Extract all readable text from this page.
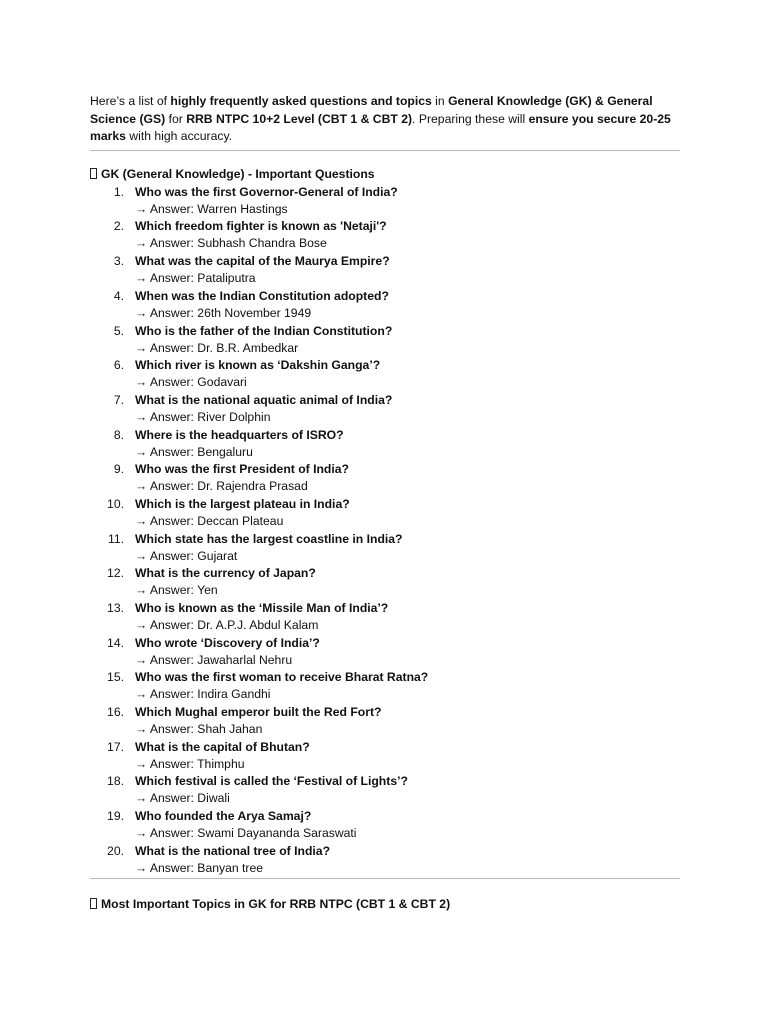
Here’s a list of highly frequently asked questions and topics in General Knowledge (GK) & General Science (GS) for RRB NTPC 10+2 Level (CBT 1 & CBT 2). Preparing these will ensure you secure 20-25 marks with high accuracy.

GK (General Knowledge) - Important Questions
1. Who was the first Governor-General of India?
→ Answer: Warren Hastings
2. Which freedom fighter is known as 'Netaji'?
→ Answer: Subhash Chandra Bose
3. What was the capital of the Maurya Empire?
→ Answer: Pataliputra
4. When was the Indian Constitution adopted?
→ Answer: 26th November 1949
5. Who is the father of the Indian Constitution?
→ Answer: Dr. B.R. Ambedkar
6. Which river is known as ‘Dakshin Ganga’?
→ Answer: Godavari
7. What is the national aquatic animal of India?
→ Answer: River Dolphin
8. Where is the headquarters of ISRO?
→ Answer: Bengaluru
9. Who was the first President of India?
→ Answer: Dr. Rajendra Prasad
10. Which is the largest plateau in India?
→ Answer: Deccan Plateau
11. Which state has the largest coastline in India?
→ Answer: Gujarat
12. What is the currency of Japan?
→ Answer: Yen
13. Who is known as the ‘Missile Man of India’?
→ Answer: Dr. A.P.J. Abdul Kalam
14. Who wrote ‘Discovery of India’?
→ Answer: Jawaharlal Nehru
15. Who was the first woman to receive Bharat Ratna?
→ Answer: Indira Gandhi
16. Which Mughal emperor built the Red Fort?
→ Answer: Shah Jahan
17. What is the capital of Bhutan?
→ Answer: Thimphu
18. Which festival is called the ‘Festival of Lights’?
→ Answer: Diwali
19. Who founded the Arya Samaj?
→ Answer: Swami Dayananda Saraswati
20. What is the national tree of India?
→ Answer: Banyan tree
Most Important Topics in GK for RRB NTPC (CBT 1 & CBT 2)
